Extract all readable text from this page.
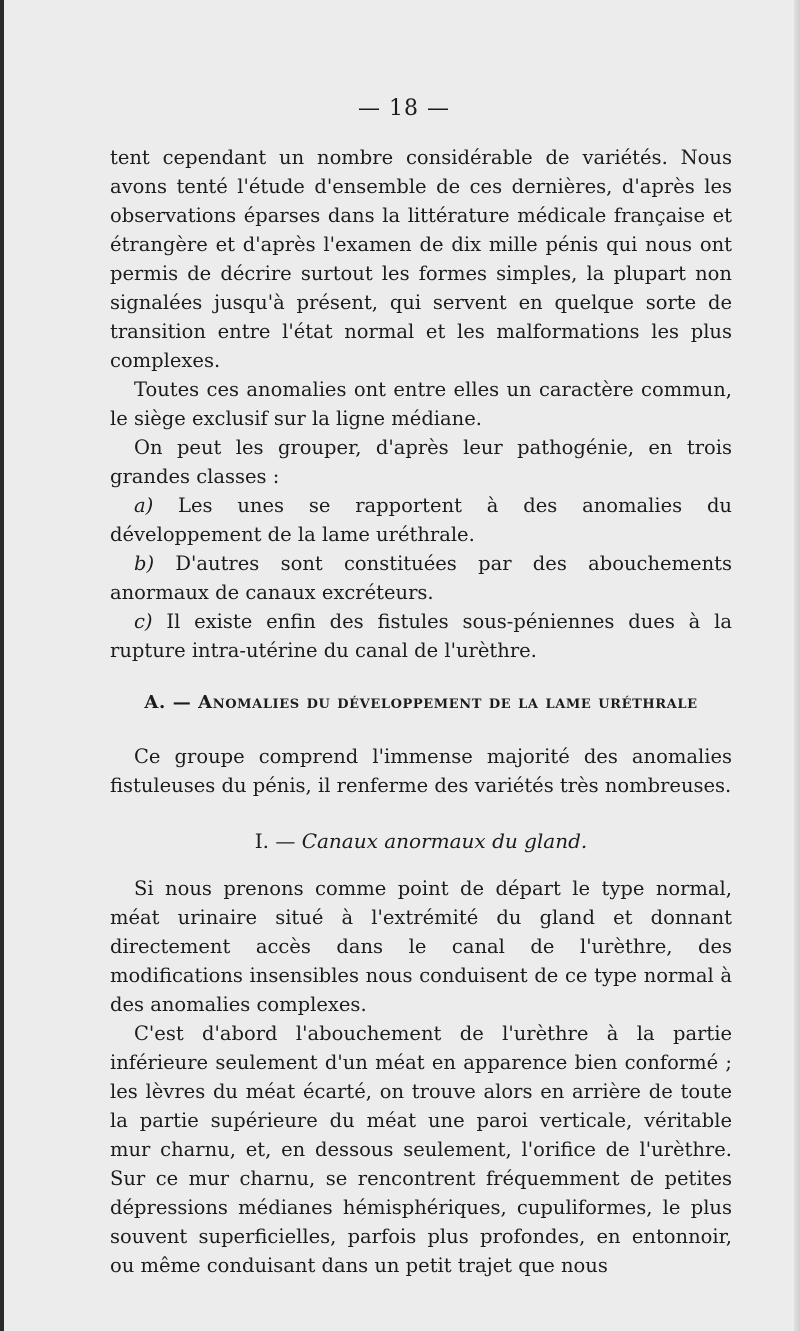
— 18 —

tent cependant un nombre considérable de variétés. Nous avons tenté l'étude d'ensemble de ces dernières, d'après les observations éparses dans la littérature médicale française et étrangère et d'après l'examen de dix mille pénis qui nous ont permis de décrire surtout les formes simples, la plupart non signalées jusqu'à présent, qui servent en quelque sorte de transition entre l'état normal et les malformations les plus complexes.

Toutes ces anomalies ont entre elles un caractère commun, le siège exclusif sur la ligne médiane.

On peut les grouper, d'après leur pathogénie, en trois grandes classes :

a) Les unes se rapportent à des anomalies du développement de la lame uréthrale.

b) D'autres sont constituées par des abouchements anormaux de canaux excréteurs.

c) Il existe enfin des fistules sous-péniennes dues à la rupture intra-utérine du canal de l'urèthre.

A. — Anomalies du développement de la lame uréthrale

Ce groupe comprend l'immense majorité des anomalies fistuleuses du pénis, il renferme des variétés très nombreuses.

I. — Canaux anormaux du gland.

Si nous prenons comme point de départ le type normal, méat urinaire situé à l'extrémité du gland et donnant directement accès dans le canal de l'urèthre, des modifications insensibles nous conduisent de ce type normal à des anomalies complexes.

C'est d'abord l'abouchement de l'urèthre à la partie inférieure seulement d'un méat en apparence bien conformé ; les lèvres du méat écarté, on trouve alors en arrière de toute la partie supérieure du méat une paroi verticale, véritable mur charnu, et, en dessous seulement, l'orifice de l'urèthre. Sur ce mur charnu, se rencontrent fréquemment de petites dépressions médianes hémisphériques, cupuliformes, le plus souvent superficielles, parfois plus profondes, en entonnoir, ou même conduisant dans un petit trajet que nous
